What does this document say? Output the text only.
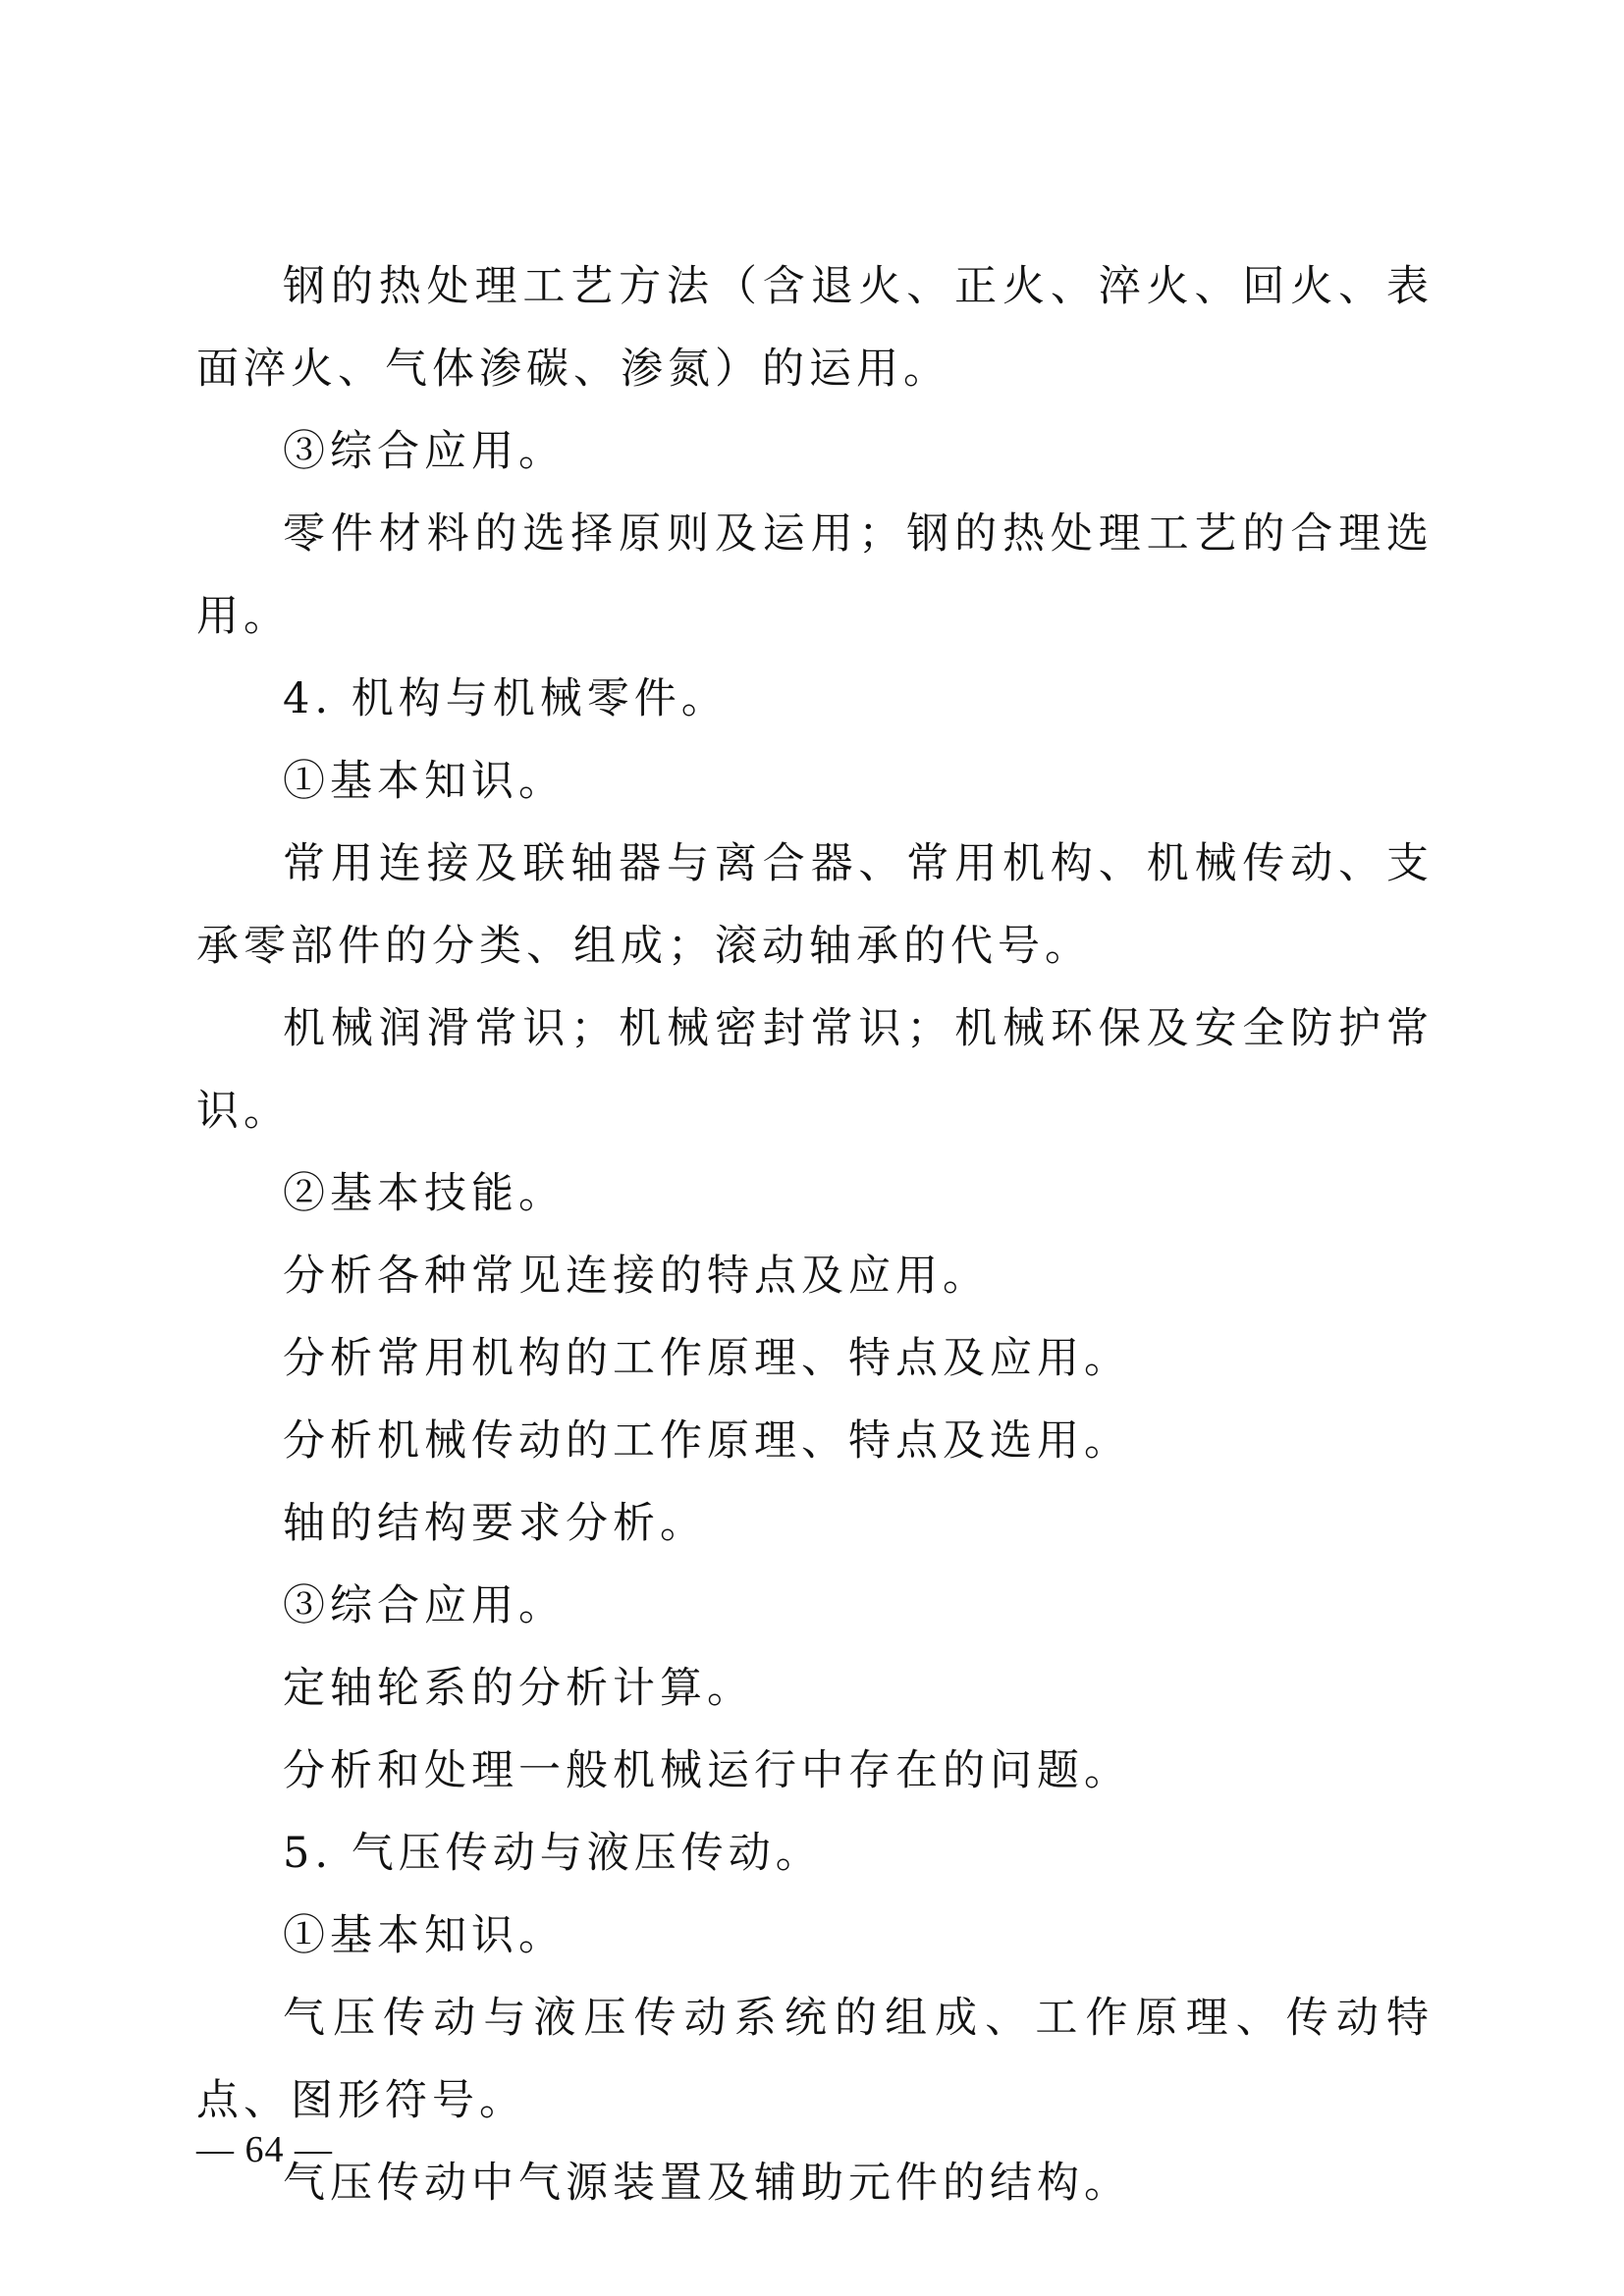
钢的热处理工艺方法（含退火、正火、淬火、回火、表面淬火、气体渗碳、渗氮）的运用。

③综合应用。

零件材料的选择原则及运用；钢的热处理工艺的合理选用。

4. 机构与机械零件。

①基本知识。

常用连接及联轴器与离合器、常用机构、机械传动、支承零部件的分类、组成；滚动轴承的代号。

机械润滑常识；机械密封常识；机械环保及安全防护常识。

②基本技能。

分析各种常见连接的特点及应用。

分析常用机构的工作原理、特点及应用。

分析机械传动的工作原理、特点及选用。

轴的结构要求分析。

③综合应用。

定轴轮系的分析计算。

分析和处理一般机械运行中存在的问题。

5. 气压传动与液压传动。

①基本知识。

气压传动与液压传动系统的组成、工作原理、传动特点、图形符号。

气压传动中气源装置及辅助元件的结构。

— 64 —
